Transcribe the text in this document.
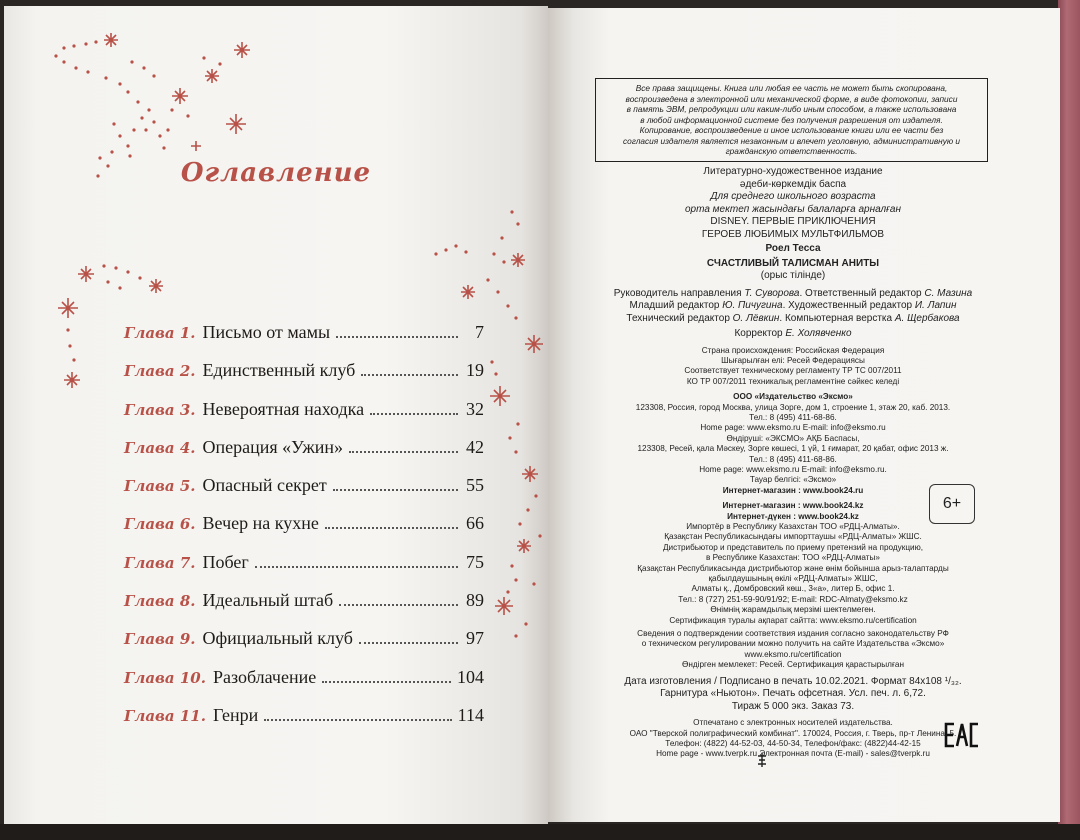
Оглавление
Глава 1. Письмо от мамы	7
Глава 2. Единственный клуб	19
Глава 3. Невероятная находка	32
Глава 4. Операция «Ужин»	42
Глава 5. Опасный секрет	55
Глава 6. Вечер на кухне	66
Глава 7. Побег	75
Глава 8. Идеальный штаб	89
Глава 9. Официальный клуб	97
Глава 10. Разоблачение	104
Глава 11. Генри	114
Все права защищены. Книга или любая ее часть не может быть скопирована,
воспроизведена в электронной или механической форме, в виде фотокопии, записи
в память ЭВМ, репродукции или каким-либо иным способом, а также использована
в любой информационной системе без получения разрешения от издателя.
Копирование, воспроизведение и иное использование книги или ее части без
согласия издателя является незаконным и влечет уголовную, административную и
гражданскую ответственность.
Литературно-художественное издание
әдеби-көркемдік баспа
Для среднего школьного возраста
орта мектеп жасындағы балаларға арналған
DISNEY. ПЕРВЫЕ ПРИКЛЮЧЕНИЯ
ГЕРОЕВ ЛЮБИМЫХ МУЛЬТФИЛЬМОВ
Роел Тесса
СЧАСТЛИВЫЙ ТАЛИСМАН АНИТЫ
(орыс тілінде)
Руководитель направления Т. Суворова. Ответственный редактор С. Мазина
Младший редактор Ю. Пичугина. Художественный редактор И. Лапин
Технический редактор О. Лёвкин. Компьютерная верстка А. Щербакова
Корректор Е. Холявченко
Страна происхождения: Российская Федерация
Шығарылған елі: Ресей Федерациясы
Соответствует техническому регламенту ТР ТС 007/2011
КО ТР 007/2011 техникалық регламентіне сәйкес келеді
ООО «Издательство «Эксмо»
123308, Россия, город Москва, улица Зорге, дом 1, строение 1, этаж 20, каб. 2013.
Тел.: 8 (495) 411-68-86.
Home page: www.eksmo.ru E-mail: info@eksmo.ru
Өндіруші: «ЭКСМО» АҚБ Баспасы,
123308, Ресей, қала Мәскеу, Зорге көшесі, 1 үй, 1 ғимарат, 20 қабат, офис 2013 ж.
Тел.: 8 (495) 411-68-86.
Home page: www.eksmo.ru E-mail: info@eksmo.ru.
Тауар белгісі: «Эксмо»
Интернет-магазин : www.book24.ru
Интернет-магазин : www.book24.kz
Интернет-дүкен : www.book24.kz
Импортёр в Республику Казахстан ТОО «РДЦ-Алматы».
Қазақстан Республикасындағы импорттаушы «РДЦ-Алматы» ЖШС.
Дистрибьютор и представитель по приему претензий на продукцию,
в Республике Казахстан: ТОО «РДЦ-Алматы»
Қазақстан Республикасында дистрибьютор және өнім бойынша арыз-талаптарды
қабылдаушының өкілі «РДЦ-Алматы» ЖШС,
Алматы қ., Домбровский көш., 3«а», литер Б, офис 1.
Тел.: 8 (727) 251-59-90/91/92; E-mail: RDC-Almaty@eksmo.kz
Өнімнің жарамдылық мерзімі шектелмеген.
Сертификация туралы ақпарат сайтта: www.eksmo.ru/certification
Сведения о подтверждении соответствия издания согласно законодательству РФ
о техническом регулировании можно получить на сайте Издательства «Эксмо»
www.eksmo.ru/certification
Өндірген мемлекет: Ресей. Сертификация қарастырылған
Дата изготовления / Подписано в печать 10.02.2021. Формат 84х108 ¹/₃₂.
Гарнитура «Ньютон». Печать офсетная. Усл. печ. л. 6,72.
Тираж 5 000 экз. Заказ 73.
Отпечатано с электронных носителей издательства.
ОАО "Тверской полиграфический комбинат". 170024, Россия, г. Тверь, пр-т Ленина, 5.
Телефон: (4822) 44-52-03, 44-50-34, Телефон/факс: (4822)44-42-15
Home page - www.tverpk.ru Электронная почта (E-mail) - sales@tverpk.ru
6+
